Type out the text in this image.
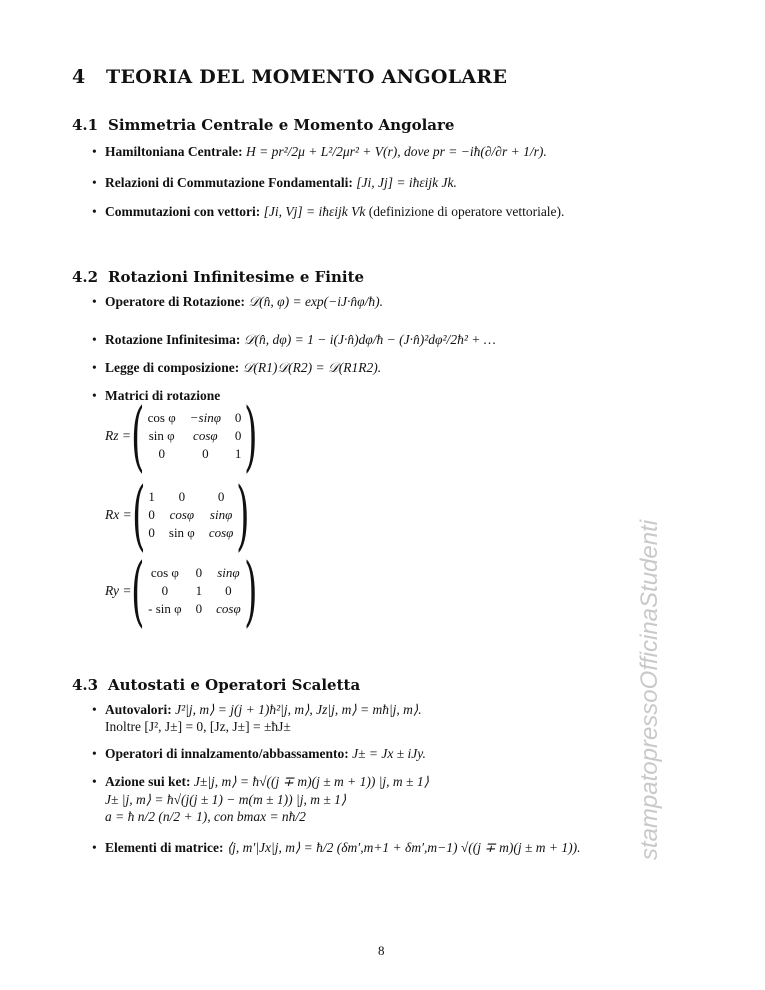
4 TEORIA DEL MOMENTO ANGOLARE
4.1 Simmetria Centrale e Momento Angolare
• Hamiltoniana Centrale: H = pr²/2μ + L²/2μr² + V(r), dove pr = −iħ(∂/∂r + 1/r).
• Relazioni di Commutazione Fondamentali: [Ji, Jj] = iħεijk Jk.
• Commutazioni con vettori: [Ji, Vj] = iħεijk Vk (definizione di operatore vettoriale).
4.2 Rotazioni Infinitesime e Finite
• Operatore di Rotazione: 𝒟(n̂, φ) = exp(−iJ·n̂φ/ħ).
• Rotazione Infinitesima: 𝒟(n̂, dφ) = 1 − i(J·n̂)dφ/ħ − (J·n̂)²dφ²/2ħ² + …
• Legge di composizione: 𝒟(R1)𝒟(R2) = 𝒟(R1R2).
• Matrici di rotazione
Rz = ( cos φ	−sinφ	0
sin φ	cosφ	0
0	0	1 )
Rx = ( 1	0	0
0	cosφ	sinφ
0	sin φ	cosφ )
Ry = ( cos φ	0	sinφ
0	1	0
- sin φ	0	cosφ )
4.3 Autostati e Operatori Scaletta
• Autovalori: J²|j, m⟩ = j(j + 1)ħ²|j, m⟩, Jz|j, m⟩ = mħ|j, m⟩.
Inoltre [J², J±] = 0, [Jz, J±] = ±ħJ±
• Operatori di innalzamento/abbassamento: J± = Jx ± iJy.
• Azione sui ket: J±|j, m⟩ = ħ√((j ∓ m)(j ± m + 1)) |j, m ± 1⟩
J± |j, m⟩ = ħ√(j(j ± 1) − m(m ± 1)) |j, m ± 1⟩
a = ħ n/2 (n/2 + 1), con bmax = nħ/2
• Elementi di matrice: ⟨j, m′|Jx|j, m⟩ = ħ/2 (δm′,m+1 + δm′,m−1) √((j ∓ m)(j ± m + 1)). stampatopressoOfficinaStudenti
8
